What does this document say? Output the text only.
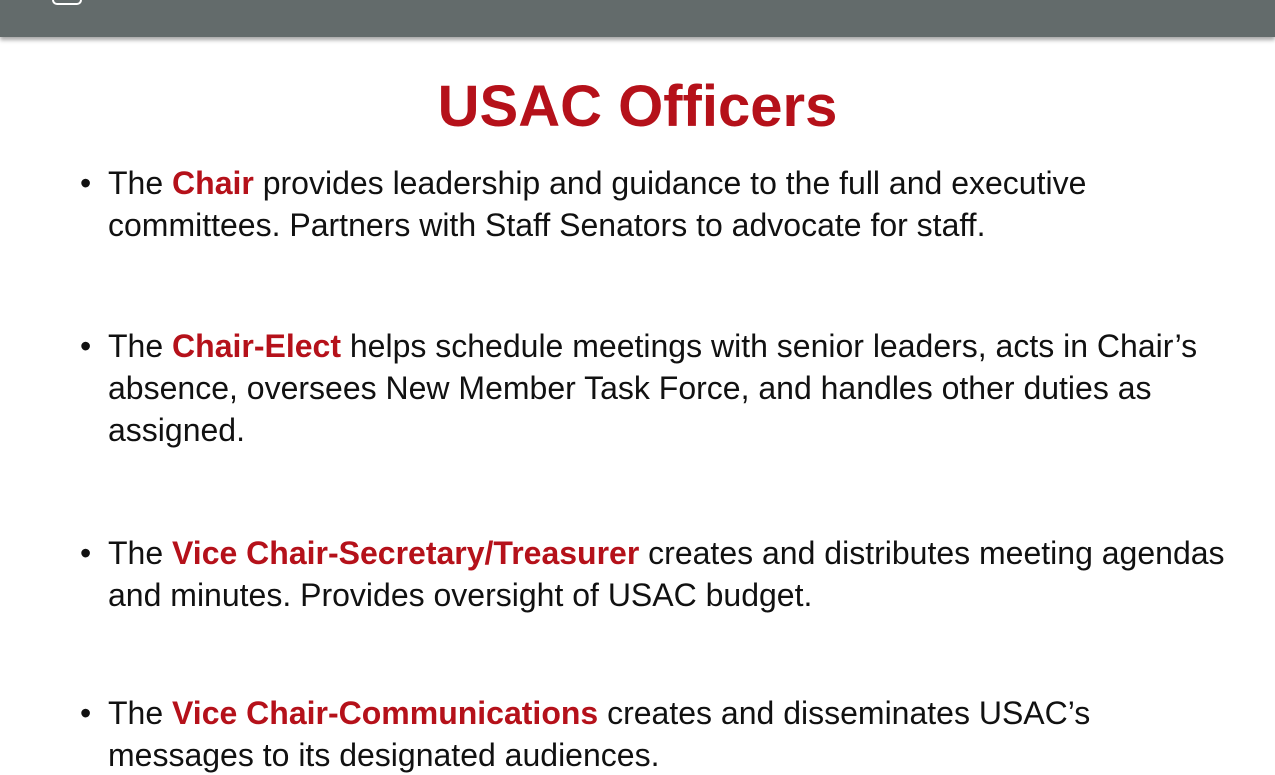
USAC Officers
• The Chair provides leadership and guidance to the full and executive committees. Partners with Staff Senators to advocate for staff.
• The Chair-Elect helps schedule meetings with senior leaders, acts in Chair’s absence, oversees New Member Task Force, and handles other duties as assigned.
• The Vice Chair-Secretary/Treasurer creates and distributes meeting agendas and minutes. Provides oversight of USAC budget.
• The Vice Chair-Communications creates and disseminates USAC’s messages to its designated audiences.
